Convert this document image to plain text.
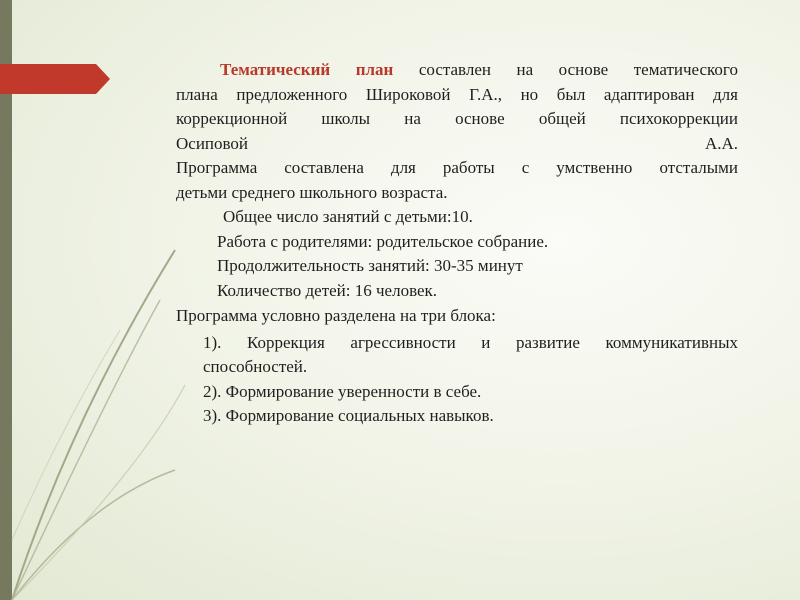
Тематический план составлен на основе тематического

плана предложенного Широковой Г.А., но был адаптирован для

коррекционной школы на основе общей психокоррекции

Осиповой	А.А.

Программа составлена для работы с умственно отсталыми

детьми среднего школьного возраста.

Общее число занятий с детьми:10.
Работа с родителями: родительское собрание.
Продолжительность занятий: 30-35 минут
Количество детей: 16 человек.

Программа условно разделена на три блока:

1). Коррекция агрессивности и развитие коммуникативных

способностей.

2). Формирование уверенности в себе.

3). Формирование социальных навыков.
